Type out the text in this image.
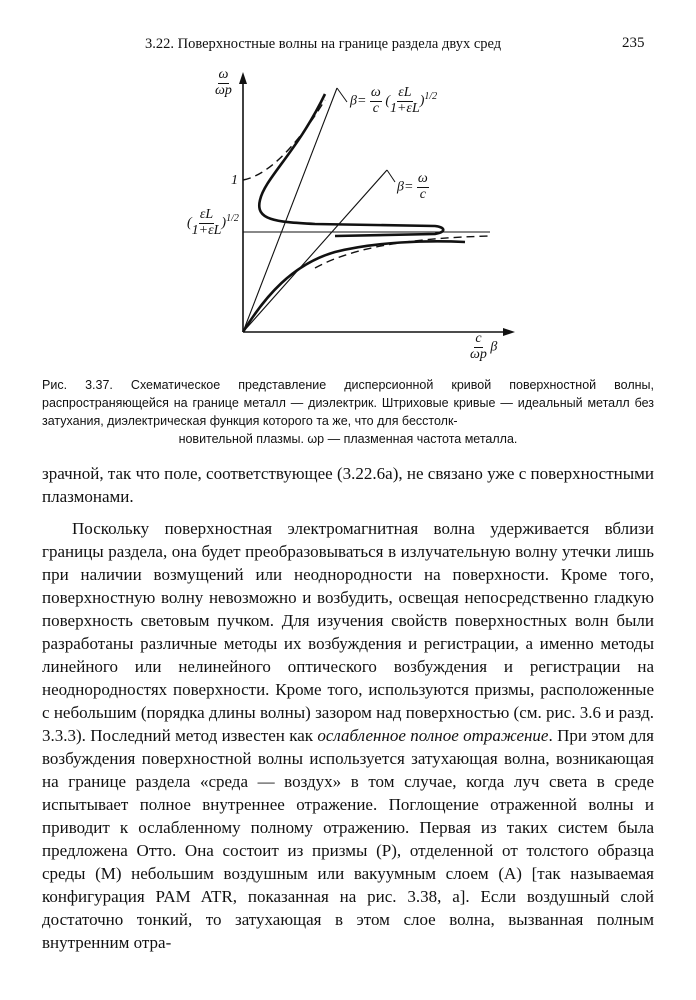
3.22. Поверхностные волны на границе раздела двух сред	235
$\frac{\omega}{\omega p}$
1
( $\frac{\varepsilon L}{1+\varepsilon L} )^{1/2}$
$\beta= \frac{\omega}{c}$ ( $\frac{\varepsilon L}{1+\varepsilon L} )^{1/2}$
$\beta= \frac{\omega}{c}$
$\frac{c}{\omega p}$ β
Рис. 3.37. Схематическое представление дисперсионной кривой поверхностной волны, распространяющейся на границе металл — диэлектрик. Штриховые кривые — идеальный металл без затухания, диэлектрическая функция которого та же, что для бесстолк-
новительной плазмы. ωp — плазменная частота металла.

зрачной, так что поле, соответствующее (3.22.6а), не связано уже с поверхностными плазмонами.

Поскольку поверхностная электромагнитная волна удерживается вблизи границы раздела, она будет преобразовываться в излучательную волну утечки лишь при наличии возмущений или неоднородности на поверхности. Кроме того, поверхностную волну невозможно и возбудить, освещая непосредственно гладкую поверхность световым пучком. Для изучения свойств поверхностных волн были разработаны различные методы их возбуждения и регистрации, а именно методы линейного или нелинейного оптического возбуждения и регистрации на неоднородностях поверхности. Кроме того, используются призмы, расположенные с небольшим (порядка длины волны) зазором над поверхностью (см. рис. 3.6 и разд. 3.3.3). Последний метод известен как ослабленное полное отражение. При этом для возбуждения поверхностной волны используется затухающая волна, возникающая на границе раздела «среда — воздух» в том случае, когда луч света в среде испытывает полное внутреннее отражение. Поглощение отраженной волны и приводит к ослабленному полному отражению. Первая из таких систем была предложена Отто. Она состоит из призмы (P), отделенной от толстого образца среды (M) небольшим воздушным или вакуумным слоем (A) [так называемая конфигурация PAM ATR, показанная на рис. 3.38, a]. Если воздушный слой достаточно тонкий, то затухающая в этом слое волна, вызванная полным внутренним отра-
